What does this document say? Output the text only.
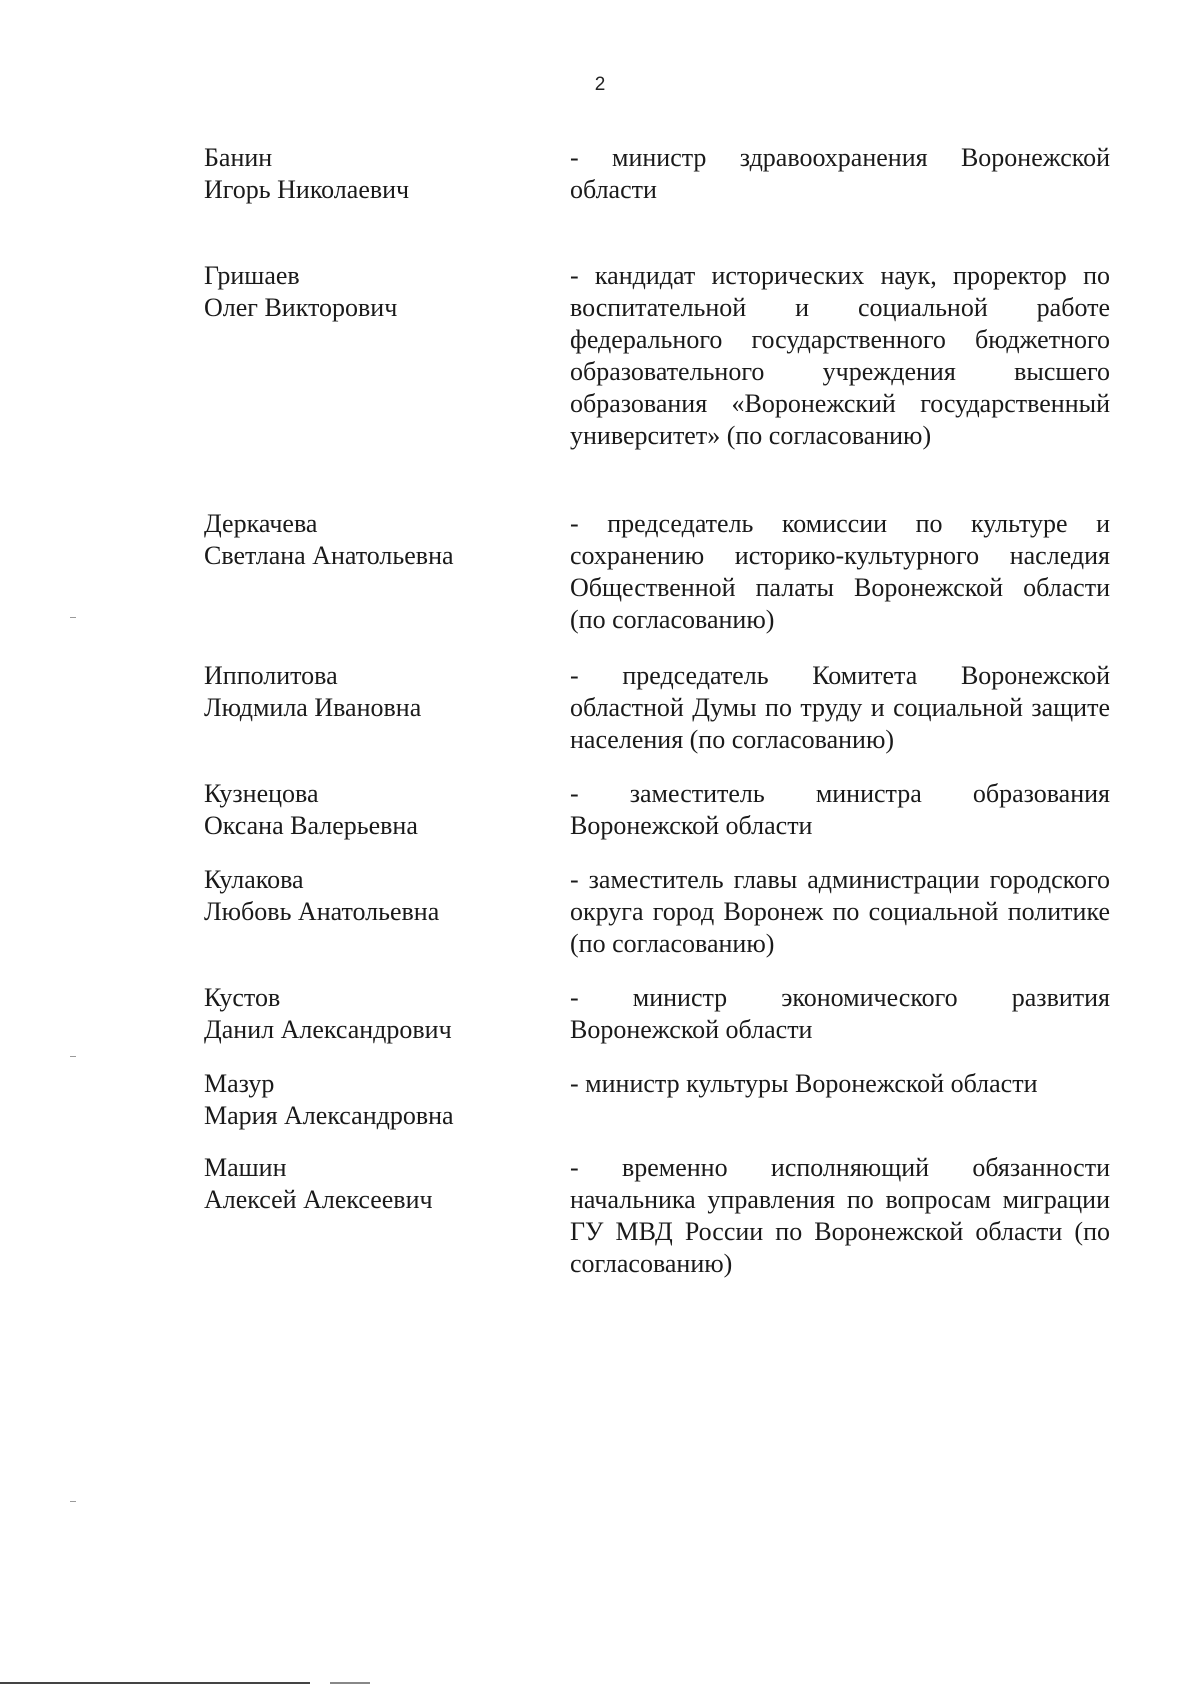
2

Банин
Игорь Николаевич

- министр здравоохранения Воронежской области

Гришаев
Олег Викторович

- кандидат исторических наук, проректор по воспитательной и социальной работе федерального государственного бюджетного образовательного учреждения высшего образования «Воронежский государственный университет» (по согласованию)

Деркачева
Светлана Анатольевна

- председатель комиссии по культуре и сохранению историко-культурного наследия Общественной палаты Воронежской области (по согласованию)

Ипполитова
Людмила Ивановна

- председатель Комитета Воронежской областной Думы по труду и социальной защите населения (по согласованию)

Кузнецова
Оксана Валерьевна

- заместитель министра образования Воронежской области

Кулакова
Любовь Анатольевна

- заместитель главы администрации городского округа город Воронеж по социальной политике (по согласованию)

Кустов
Данил Александрович

- министр экономического развития Воронежской области

Мазур
Мария Александровна

- министр культуры Воронежской области

Машин
Алексей Алексеевич

- временно исполняющий обязанности начальника управления по вопросам миграции ГУ МВД России по Воронежской области (по согласованию)
